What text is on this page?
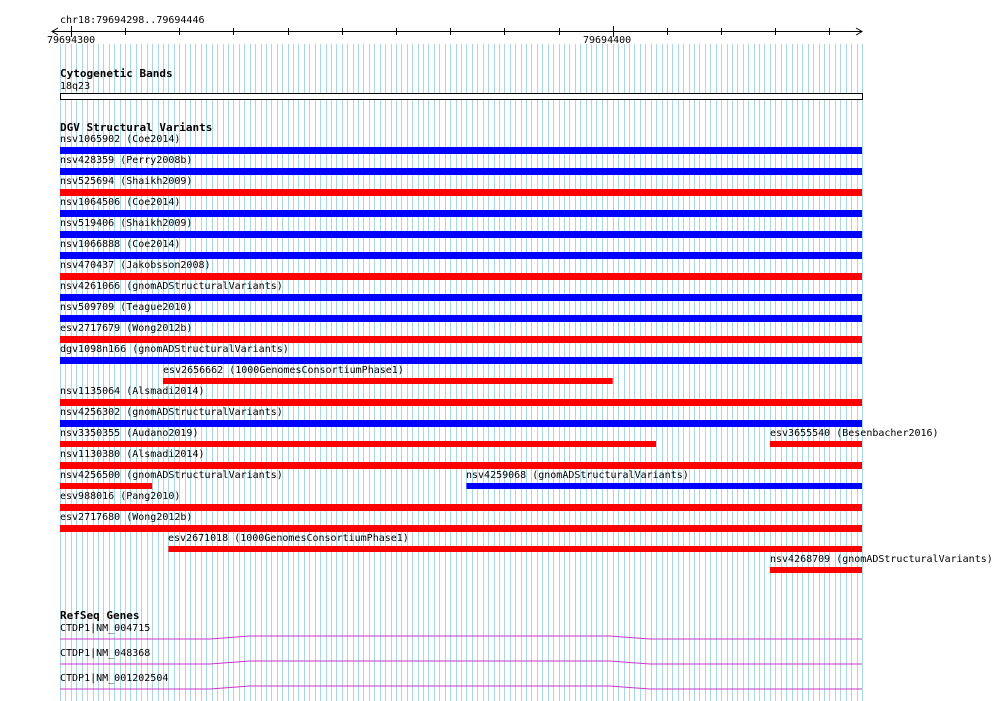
chr18:79694298..79694446
79694300	79694400
Cytogenetic Bands
18q23
DGV Structural Variants
nsv1065902 (Coe2014)
nsv428359 (Perry2008b)
nsv525694 (Shaikh2009)
nsv1064506 (Coe2014)
nsv519406 (Shaikh2009)
nsv1066888 (Coe2014)
nsv470437 (Jakobsson2008)
nsv4261066 (gnomADStructuralVariants)
nsv509709 (Teague2010)
esv2717679 (Wong2012b)
dgv1098n166 (gnomADStructuralVariants)
esv2656662 (1000GenomesConsortiumPhase1)
nsv1135064 (Alsmadi2014)
nsv4256302 (gnomADStructuralVariants)
nsv3350355 (Audano2019)	esv3655540 (Besenbacher2016)
nsv1130380 (Alsmadi2014)
nsv4256500 (gnomADStructuralVariants)	nsv4259068 (gnomADStructuralVariants)
esv988016 (Pang2010)
esv2717680 (Wong2012b)
esv2671018 (1000GenomesConsortiumPhase1)
nsv4268709 (gnomADStructuralVariants)
RefSeq Genes
CTDP1|NM_004715
CTDP1|NM_048368
CTDP1|NM_001202504
